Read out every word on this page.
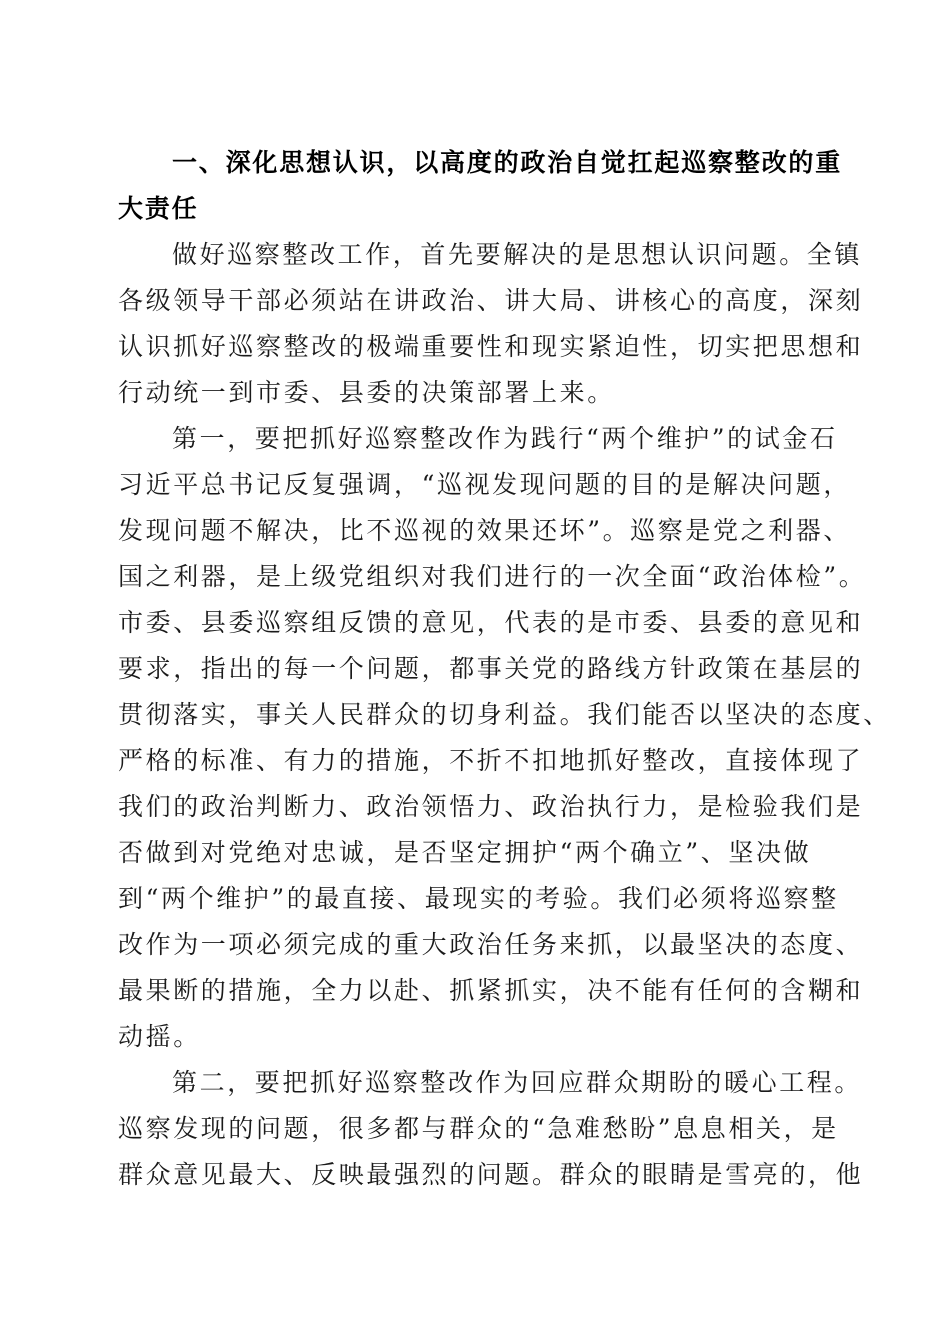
一、深化思想认识，以高度的政治自觉扛起巡察整改的重

大责任

做好巡察整改工作，首先要解决的是思想认识问题。全镇

各级领导干部必须站在讲政治、讲大局、讲核心的高度，深刻

认识抓好巡察整改的极端重要性和现实紧迫性，切实把思想和

行动统一到市委、县委的决策部署上来。

第一，要把抓好巡察整改作为践行“两个维护”的试金石

习近平总书记反复强调，“巡视发现问题的目的是解决问题，

发现问题不解决，比不巡视的效果还坏”。巡察是党之利器、

国之利器，是上级党组织对我们进行的一次全面“政治体检”。

市委、县委巡察组反馈的意见，代表的是市委、县委的意见和

要求，指出的每一个问题，都事关党的路线方针政策在基层的

贯彻落实，事关人民群众的切身利益。我们能否以坚决的态度、

严格的标准、有力的措施，不折不扣地抓好整改，直接体现了

我们的政治判断力、政治领悟力、政治执行力，是检验我们是

否做到对党绝对忠诚，是否坚定拥护“两个确立”、坚决做

到“两个维护”的最直接、最现实的考验。我们必须将巡察整

改作为一项必须完成的重大政治任务来抓，以最坚决的态度、

最果断的措施，全力以赴、抓紧抓实，决不能有任何的含糊和

动摇。

第二，要把抓好巡察整改作为回应群众期盼的暖心工程。

巡察发现的问题，很多都与群众的“急难愁盼”息息相关，是

群众意见最大、反映最强烈的问题。群众的眼睛是雪亮的，他
